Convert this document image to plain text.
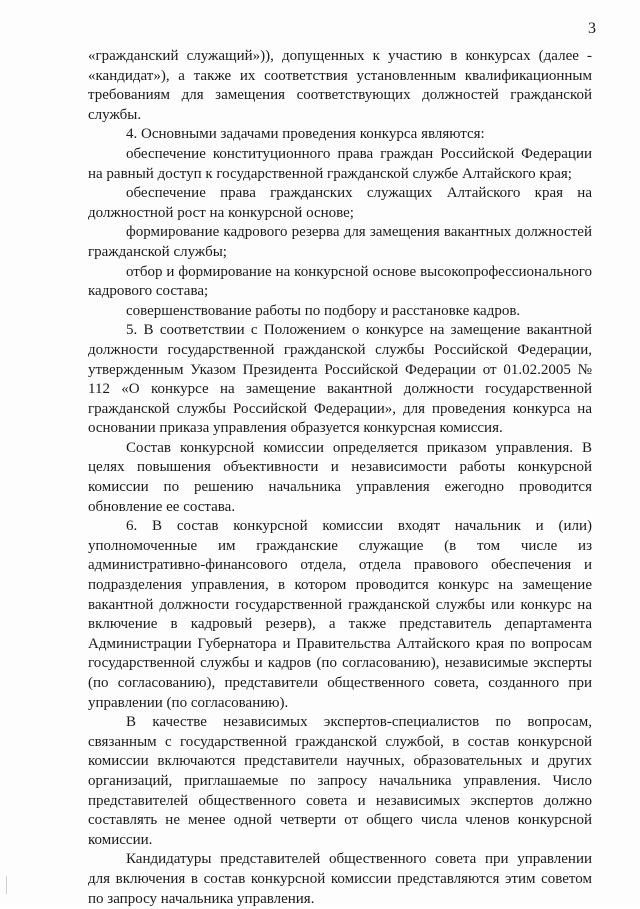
3

«гражданский служащий»)), допущенных к участию в конкурсах (далее - «кандидат»), а также их соответствия установленным квалификационным требованиям для замещения соответствующих должностей гражданской службы.

4. Основными задачами проведения конкурса являются:

обеспечение конституционного права граждан Российской Федерации на равный доступ к государственной гражданской службе Алтайского края;

обеспечение права гражданских служащих Алтайского края на должностной рост на конкурсной основе;

формирование кадрового резерва для замещения вакантных должностей гражданской службы;

отбор и формирование на конкурсной основе высокопрофессионального кадрового состава;

совершенствование работы по подбору и расстановке кадров.

5. В соответствии с Положением о конкурсе на замещение вакантной должности государственной гражданской службы Российской Федерации, утвержденным Указом Президента Российской Федерации от 01.02.2005 № 112 «О конкурсе на замещение вакантной должности государственной гражданской службы Российской Федерации», для проведения конкурса на основании приказа управления образуется конкурсная комиссия.

Состав конкурсной комиссии определяется приказом управления. В целях повышения объективности и независимости работы конкурсной комиссии по решению начальника управления ежегодно проводится обновление ее состава.

6. В состав конкурсной комиссии входят начальник и (или) уполномоченные им гражданские служащие (в том числе из административно-финансового отдела, отдела правового обеспечения и подразделения управления, в котором проводится конкурс на замещение вакантной должности государственной гражданской службы или конкурс на включение в кадровый резерв), а также представитель департамента Администрации Губернатора и Правительства Алтайского края по вопросам государственной службы и кадров (по согласованию), независимые эксперты (по согласованию), представители общественного совета, созданного при управлении (по согласованию).

В качестве независимых экспертов-специалистов по вопросам, связанным с государственной гражданской службой, в состав конкурсной комиссии включаются представители научных, образовательных и других организаций, приглашаемые по запросу начальника управления. Число представителей общественного совета и независимых экспертов должно составлять не менее одной четверти от общего числа членов конкурсной комиссии.

Кандидатуры представителей общественного совета при управлении для включения в состав конкурсной комиссии представляются этим советом по запросу начальника управления.
